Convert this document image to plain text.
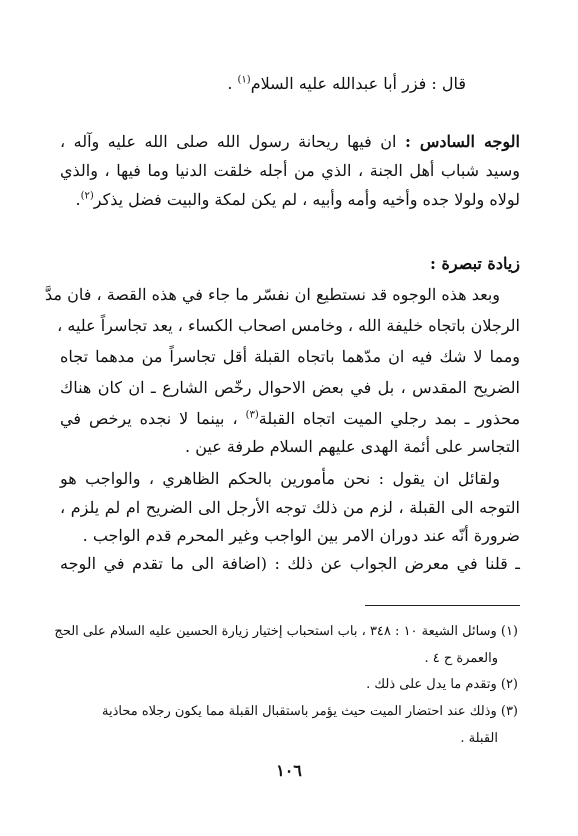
قال : فزر أبا عبدالله عليه السلام$^{(١)}$ .

الوجه السادس : ان فيها ريحانة رسول الله صلى الله عليه وآله ،

وسيد شباب أهل الجنة ، الذي من أجله خلقت الدنيا وما فيها ، والذي

لولاه ولولا جده وأخيه وأمه وأبيه ، لم يكن لمكة والبيت فضل يذكر$^{(٢)}$.

زيادة تبصرة :

وبعد هذه الوجوه قد نستطيع ان نفسّر ما جاء في هذه القصة ، فان مدَّ

الرجلان باتجاه خليفة الله ، وخامس اصحاب الكساء ، يعد تجاسراً عليه ،

ومما لا شك فيه ان مدّهما باتجاه القبلة أقل تجاسراً من مدهما تجاه

الضريح المقدس ، بل في بعض الاحوال رخّص الشارع ـ ان كان هناك

محذور ـ بمد رجلي الميت اتجاه القبلة$^{(٣)}$ ، بينما لا نجده يرخص في

التجاسر على أئمة الهدى عليهم السلام طرفة عين .

ولقائل ان يقول : نحن مأمورين بالحكم الظاهري ، والواجب هو

التوجه الى القبلة ، لزم من ذلك توجه الأرجل الى الضريح ام لم يلزم ،

ضرورة أنّه عند دوران الامر بين الواجب وغير المحرم قدم الواجب .

ـ قلنا في معرض الجواب عن ذلك : (اضافة الى ما تقدم في الوجه

(١) وسائل الشيعة ١٠ : ٣٤٨ ، باب استحباب إختيار زيارة الحسين عليه السلام على الحج

والعمرة ح ٤ .

(٢) وتقدم ما يدل على ذلك .

(٣) وذلك عند احتضار الميت حيث يؤمر باستقبال القبلة مما يكون رجلاه محاذية

القبلة .

١٠٦
